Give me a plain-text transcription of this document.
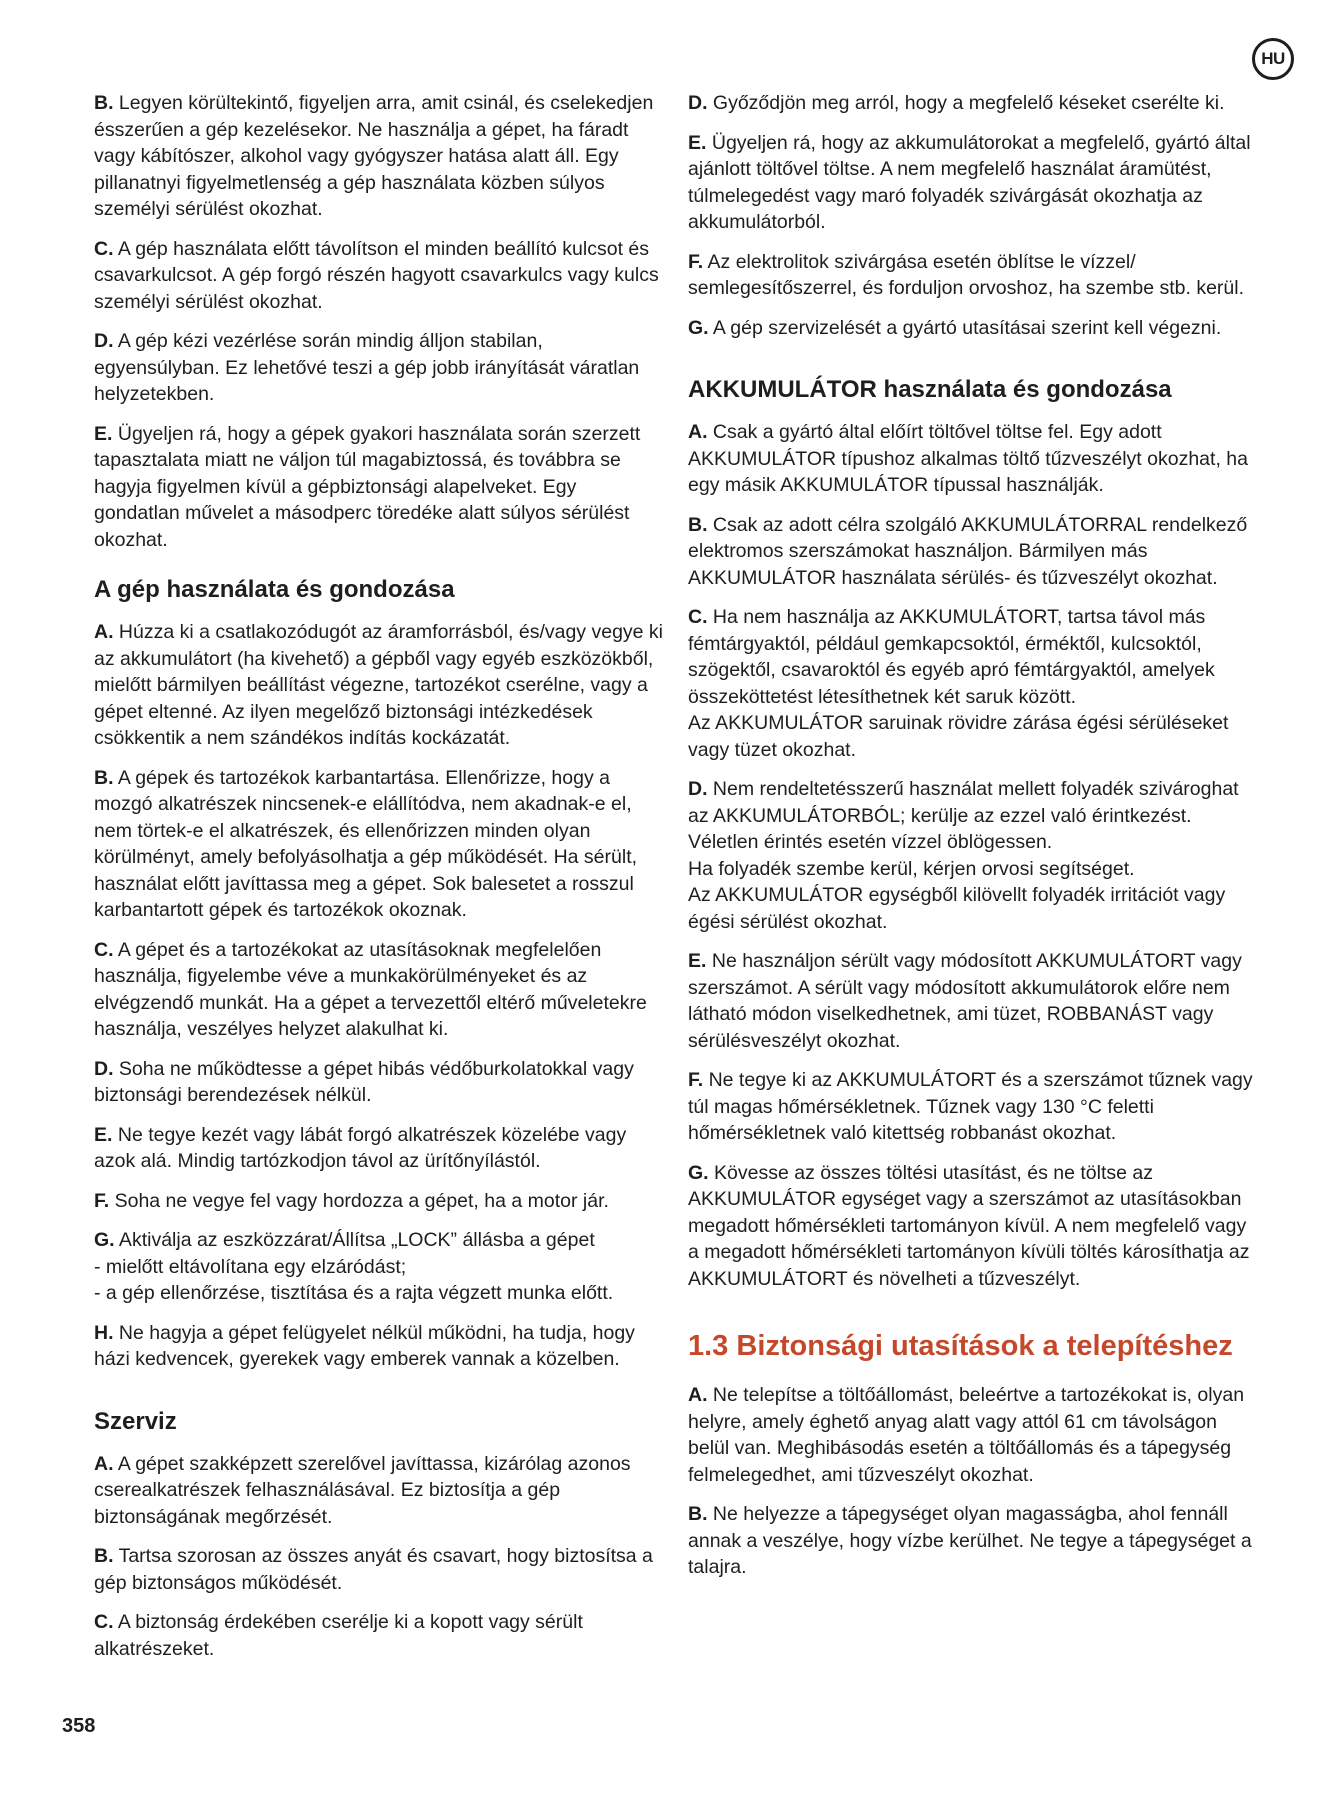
HU

B. Legyen körültekintő, figyeljen arra, amit csinál, és cselekedjen ésszerűen a gép kezelésekor. Ne használja a gépet, ha fáradt vagy kábítószer, alkohol vagy gyógyszer hatása alatt áll. Egy pillanatnyi figyelmetlenség a gép használata közben súlyos személyi sérülést okozhat.

C. A gép használata előtt távolítson el minden beállító kulcsot és csavarkulcsot. A gép forgó részén hagyott csavarkulcs vagy kulcs személyi sérülést okozhat.

D. A gép kézi vezérlése során mindig álljon stabilan, egyensúlyban. Ez lehetővé teszi a gép jobb irányítását váratlan helyzetekben.

E. Ügyeljen rá, hogy a gépek gyakori használata során szerzett tapasztalata miatt ne váljon túl magabiztossá, és továbbra se hagyja figyelmen kívül a gépbiztonsági alapelveket. Egy gondatlan művelet a másodperc töredéke alatt súlyos sérülést okozhat.

A gép használata és gondozása

A. Húzza ki a csatlakozódugót az áramforrásból, és/vagy vegye ki az akkumulátort (ha kivehető) a gépből vagy egyéb eszközökből, mielőtt bármilyen beállítást végezne, tartozékot cserélne, vagy a gépet eltenné. Az ilyen megelőző biztonsági intézkedések csökkentik a nem szándékos indítás kockázatát.

B. A gépek és tartozékok karbantartása. Ellenőrizze, hogy a mozgó alkatrészek nincsenek-e elállítódva, nem akadnak-e el, nem törtek-e el alkatrészek, és ellenőrizzen minden olyan körülményt, amely befolyásolhatja a gép működését. Ha sérült, használat előtt javíttassa meg a gépet. Sok balesetet a rosszul karbantartott gépek és tartozékok okoznak.

C. A gépet és a tartozékokat az utasításoknak megfelelően használja, figyelembe véve a munkakörülményeket és az elvégzendő munkát. Ha a gépet a tervezettől eltérő műveletekre használja, veszélyes helyzet alakulhat ki.

D. Soha ne működtesse a gépet hibás védőburkolatokkal vagy biztonsági berendezések nélkül.

E. Ne tegye kezét vagy lábát forgó alkatrészek közelébe vagy azok alá. Mindig tartózkodjon távol az ürítőnyílástól.

F. Soha ne vegye fel vagy hordozza a gépet, ha a motor jár.

G. Aktiválja az eszközzárat/Állítsa „LOCK” állásba a gépet
- mielőtt eltávolítana egy elzáródást;
- a gép ellenőrzése, tisztítása és a rajta végzett munka előtt.

H. Ne hagyja a gépet felügyelet nélkül működni, ha tudja, hogy házi kedvencek, gyerekek vagy emberek vannak a közelben.

Szerviz

A. A gépet szakképzett szerelővel javíttassa, kizárólag azonos cserealkatrészek felhasználásával. Ez biztosítja a gép biztonságának megőrzését.

B. Tartsa szorosan az összes anyát és csavart, hogy biztosítsa a gép biztonságos működését.

C. A biztonság érdekében cserélje ki a kopott vagy sérült alkatrészeket.

D. Győződjön meg arról, hogy a megfelelő késeket cserélte ki.

E. Ügyeljen rá, hogy az akkumulátorokat a megfelelő, gyártó által ajánlott töltővel töltse. A nem megfelelő használat áramütést, túlmelegedést vagy maró folyadék szivárgását okozhatja az akkumulátorból.

F. Az elektrolitok szivárgása esetén öblítse le vízzel/ semlegesítőszerrel, és forduljon orvoshoz, ha szembe stb. kerül.

G. A gép szervizelését a gyártó utasításai szerint kell végezni.

AKKUMULÁTOR használata és gondozása

A. Csak a gyártó által előírt töltővel töltse fel. Egy adott AKKUMULÁTOR típushoz alkalmas töltő tűzveszélyt okozhat, ha egy másik AKKUMULÁTOR típussal használják.

B. Csak az adott célra szolgáló AKKUMULÁTORRAL rendelkező elektromos szerszámokat használjon. Bármilyen más AKKUMULÁTOR használata sérülés- és tűzveszélyt okozhat.

C. Ha nem használja az AKKUMULÁTORT, tartsa távol más fémtárgyaktól, például gemkapcsoktól, érméktől, kulcsoktól, szögektől, csavaroktól és egyéb apró fémtárgyaktól, amelyek összeköttetést létesíthetnek két saruk között.
Az AKKUMULÁTOR saruinak rövidre zárása égési sérüléseket vagy tüzet okozhat.

D. Nem rendeltetésszerű használat mellett folyadék szivároghat az AKKUMULÁTORBÓL; kerülje az ezzel való érintkezést. Véletlen érintés esetén vízzel öblögessen.
Ha folyadék szembe kerül, kérjen orvosi segítséget.
Az AKKUMULÁTOR egységből kilövellt folyadék irritációt vagy égési sérülést okozhat.

E. Ne használjon sérült vagy módosított AKKUMULÁTORT vagy szerszámot. A sérült vagy módosított akkumulátorok előre nem látható módon viselkedhetnek, ami tüzet, ROBBANÁST vagy sérülésveszélyt okozhat.

F. Ne tegye ki az AKKUMULÁTORT és a szerszámot tűznek vagy túl magas hőmérsékletnek. Tűznek vagy 130 °C feletti hőmérsékletnek való kitettség robbanást okozhat.

G. Kövesse az összes töltési utasítást, és ne töltse az AKKUMULÁTOR egységet vagy a szerszámot az utasításokban megadott hőmérsékleti tartományon kívül. A nem megfelelő vagy a megadott hőmérsékleti tartományon kívüli töltés károsíthatja az AKKUMULÁTORT és növelheti a tűzveszélyt.

1.3 Biztonsági utasítások a telepítéshez

A. Ne telepítse a töltőállomást, beleértve a tartozékokat is, olyan helyre, amely éghető anyag alatt vagy attól 61 cm távolságon belül van. Meghibásodás esetén a töltőállomás és a tápegység felmelegedhet, ami tűzveszélyt okozhat.

B. Ne helyezze a tápegységet olyan magasságba, ahol fennáll annak a veszélye, hogy vízbe kerülhet. Ne tegye a tápegységet a talajra.

358
